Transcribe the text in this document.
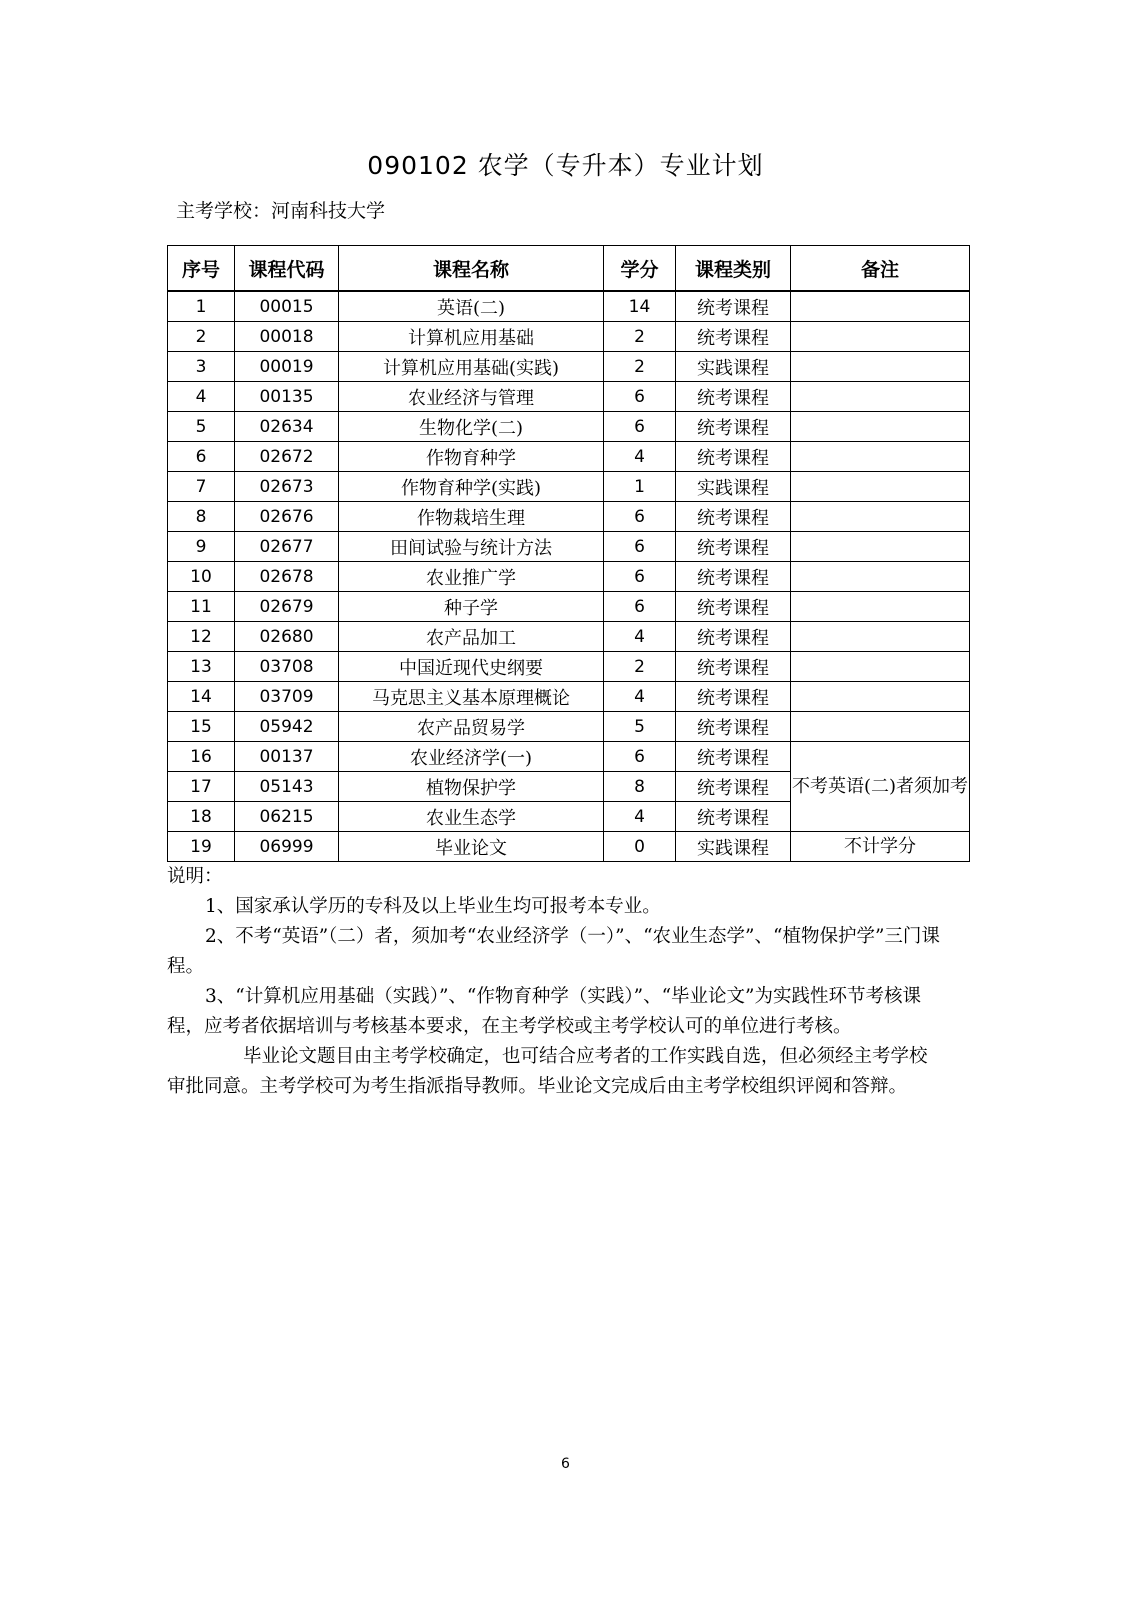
090102 农学（专升本）专业计划
主考学校：河南科技大学
序号	课程代码	课程名称	学分	课程类别	备注
1	00015	英语(二)	14	统考课程	
2	00018	计算机应用基础	2	统考课程	
3	00019	计算机应用基础(实践)	2	实践课程	
4	00135	农业经济与管理	6	统考课程	
5	02634	生物化学(二)	6	统考课程	
6	02672	作物育种学	4	统考课程	
7	02673	作物育种学(实践)	1	实践课程	
8	02676	作物栽培生理	6	统考课程	
9	02677	田间试验与统计方法	6	统考课程	
10	02678	农业推广学	6	统考课程	
11	02679	种子学	6	统考课程	
12	02680	农产品加工	4	统考课程	
13	03708	中国近现代史纲要	2	统考课程	
14	03709	马克思主义基本原理概论	4	统考课程	
15	05942	农产品贸易学	5	统考课程	
16	00137	农业经济学(一)	6	统考课程	不考英语(二)者须加考
17	05143	植物保护学	8	统考课程	
18	06215	农业生态学	4	统考课程	
19	06999	毕业论文	0	实践课程	不计学分

说明：

1、国家承认学历的专科及以上毕业生均可报考本专业。

2、不考“英语”（二）者，须加考“农业经济学（一）”、“农业生态学”、“植物保护学”三门课程。

3、“计算机应用基础（实践）”、“作物育种学（实践）”、“毕业论文”为实践性环节考核课程，应考者依据培训与考核基本要求，在主考学校或主考学校认可的单位进行考核。

毕业论文题目由主考学校确定，也可结合应考者的工作实践自选，但必须经主考学校审批同意。主考学校可为考生指派指导教师。毕业论文完成后由主考学校组织评阅和答辩。

6
